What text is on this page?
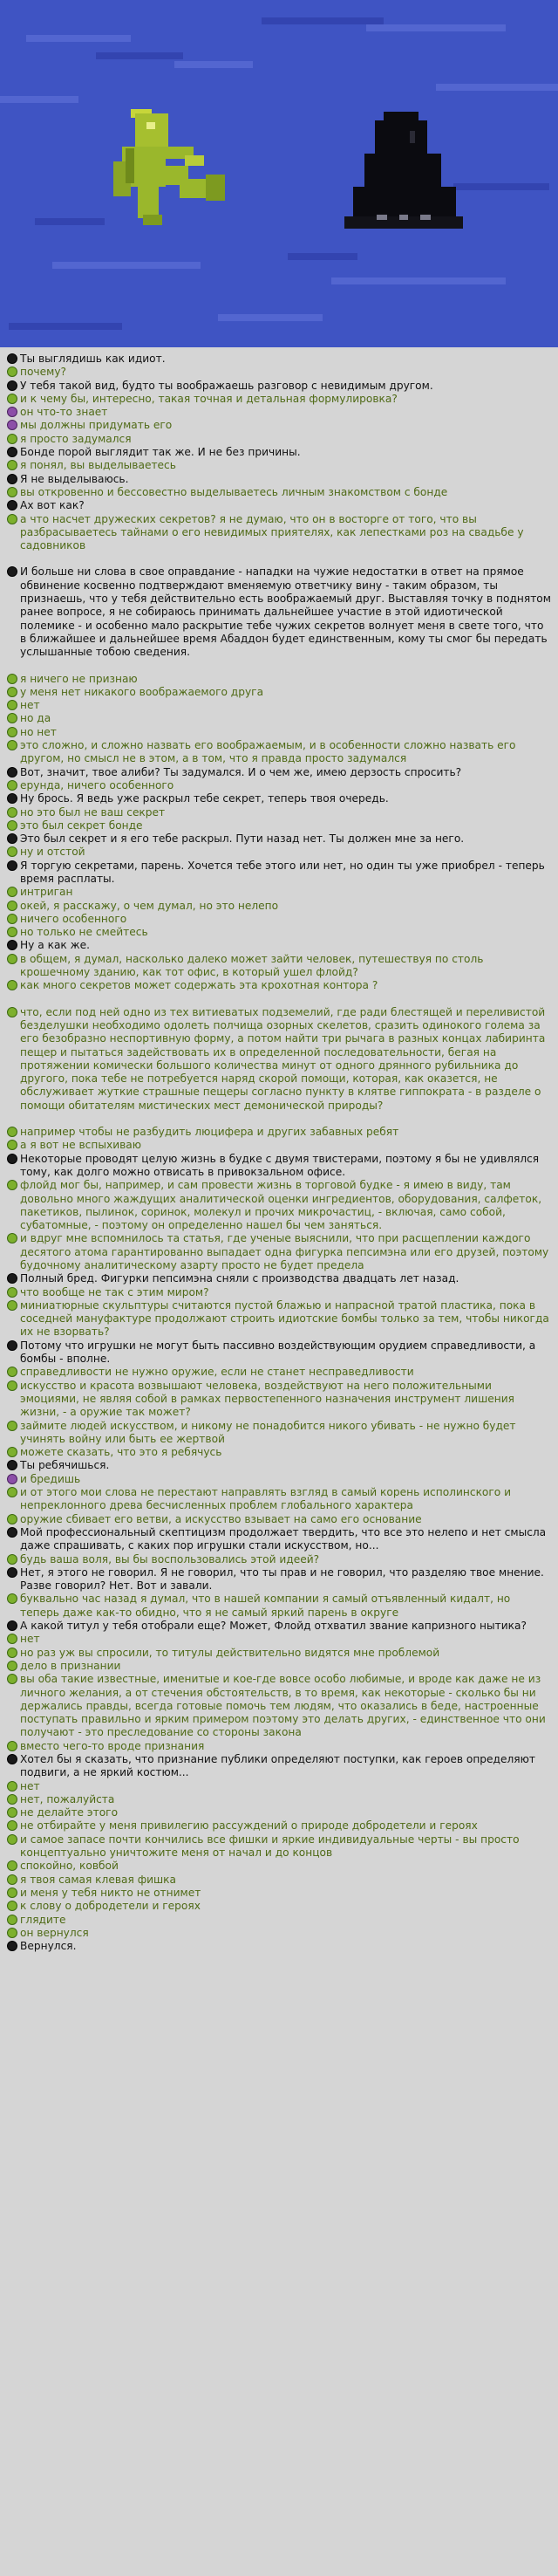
Ты выглядишь как идиот.
почему?
У тебя такой вид, будто ты воображаешь разговор с невидимым другом.
и к чему бы, интересно, такая точная и детальная формулировка?
он что-то знает
мы должны придумать его
я просто задумался
Бонде порой выглядит так же. И не без причины.
я понял, вы выделываетесь
Я не выделываюсь.
вы откровенно и бессовестно выделываетесь личным знакомством с бонде
Ах вот как?
а что насчет дружеских секретов? я не думаю, что он в восторге от того, что вы разбрасываетесь тайнами о его невидимых приятелях, как лепестками роз на свадьбе у садовников
И больше ни слова в свое оправдание - нападки на чужие недостатки в ответ на прямое обвинение косвенно подтверждают вменяемую ответчику вину - таким образом, ты признаешь, что у тебя действительно есть воображаемый друг. Выставляя точку в поднятом ранее вопросе, я не собираюсь принимать дальнейшее участие в этой идиотической полемике - и особенно мало раскрытие тебе чужих секретов волнует меня в свете того, что в ближайшее и дальнейшее время Абаддон будет единственным, кому ты смог бы передать услышанные тобою сведения.
я ничего не признаю
у меня нет никакого воображаемого друга
нет
но да
но нет
это сложно, и сложно назвать его воображаемым, и в особенности сложно назвать его другом, но смысл не в этом, а в том, что я правда просто задумался
Вот, значит, твое алиби? Ты задумался. И о чем же, имею дерзость спросить?
ерунда, ничего особенного
Ну брось. Я ведь уже раскрыл тебе секрет, теперь твоя очередь.
но это был не ваш секрет
это был секрет бонде
Это был секрет и я его тебе раскрыл. Пути назад нет. Ты должен мне за него.
ну и отстой
Я торгую секретами, парень. Хочется тебе этого или нет, но один ты уже приобрел - теперь время расплаты.
интриган
окей, я расскажу, о чем думал, но это нелепо
ничего особенного
но только не смейтесь
Ну а как же.
в общем, я думал, насколько далеко может зайти человек, путешествуя по столь крошечному зданию, как тот офис, в который ушел флойд?
как много секретов может содержать эта крохотная контора ?
что, если под ней одно из тех витиеватых подземелий, где ради блестящей и переливистой безделушки необходимо одолеть полчища озорных скелетов, сразить одинокого голема за его безобразно неспортивную форму, а потом найти три рычага в разных концах лабиринта пещер и пытаться задействовать их в определенной последовательности, бегая на протяжении комически большого количества минут от одного дрянного рубильника до другого, пока тебе не потребуется наряд скорой помощи, которая, как оказется, не обслуживает жуткие страшные пещеры согласно пункту в клятве гиппократа - в разделе о помощи обитателям мистических мест демонической природы?
например чтобы не разбудить люцифера и других забавных ребят
а я вот не вспыхиваю
Некоторые проводят целую жизнь в будке с двумя твистерами, поэтому я бы не удивлялся тому, как долго можно отвисать в привокзальном офисе.
флойд мог бы, например, и сам провести жизнь в торговой будке - я имею в виду, там довольно много жаждущих аналитической оценки ингредиентов, оборудования, салфеток, пакетиков, пылинок, соринок, молекул и прочих микрочастиц, - включая, само собой, субатомные, - поэтому он определенно нашел бы чем заняться.
и вдруг мне вспомнилось та статья, где ученые выяснили, что при расщеплении каждого десятого атома гарантированно выпадает одна фигурка пепсимэна или его друзей, поэтому будочному аналитическому азарту просто не будет предела
Полный бред. Фигурки пепсимэна сняли с производства двадцать лет назад.
что вообще не так с этим миром?
миниатюрные скульптуры считаются пустой блажью и напрасной тратой пластика, пока в соседней мануфактуре продолжают строить идиотские бомбы только за тем, чтобы никогда их не взорвать?
Потому что игрушки не могут быть пассивно воздействующим орудием справедливости, а бомбы - вполне.
справедливости не нужно оружие, если не станет несправедливости
искусство и красота возвышают человека, воздействуют на него положительными эмоциями, не являя собой в рамках первостепенного назначения инструмент лишения жизни, - а оружие так может?
займите людей искусством, и никому не понадобится никого убивать - не нужно будет учинять войну или быть ее жертвой
можете сказать, что это я ребячусь
Ты ребячишься.
и бредишь
и от этого мои слова не перестают направлять взгляд в самый корень исполинского и непреклонного древа бесчисленных проблем глобального характера
оружие сбивает его ветви, а искусство взывает на само его основание
Мой профессиональный скептицизм продолжает твердить, что все это нелепо и нет смысла даже спрашивать, с каких пор игрушки стали искусством, но...
будь ваша воля, вы бы воспользовались этой идеей?
Нет, я этого не говорил. Я не говорил, что ты прав и не говорил, что разделяю твое мнение. Разве говорил? Нет. Вот и завали.
буквально час назад я думал, что в нашей компании я самый отъявленный кидалт, но теперь даже как-то обидно, что я не самый яркий парень в округе
А какой титул у тебя отобрали еще? Может, Флойд отхватил звание капризного нытика?
нет
но раз уж вы спросили, то титулы действительно видятся мне проблемой
дело в признании
вы оба такие известные, именитые и кое-где вовсе особо любимые, и вроде как даже не из личного желания, а от стечения обстоятельств, в то время, как некоторые - сколько бы ни держались правды, всегда готовые помочь тем людям, что оказались в беде, настроенные поступать правильно и ярким примером поэтому это делать других, - единственное что они получают - это преследование со стороны закона
вместо чего-то вроде признания
Хотел бы я сказать, что признание публики определяют поступки, как героев определяют подвиги, а не яркий костюм...
нет
нет, пожалуйста
не делайте этого
не отбирайте у меня привилегию рассуждений о природе добродетели и героях
и самое запасе почти кончились все фишки и яркие индивидуальные черты - вы просто концептуально уничтожите меня от начал и до концов
спокойно, ковбой
я твоя самая клевая фишка
и меня у тебя никто не отнимет
к слову о добродетели и героях
глядите
он вернулся
Вернулся.
